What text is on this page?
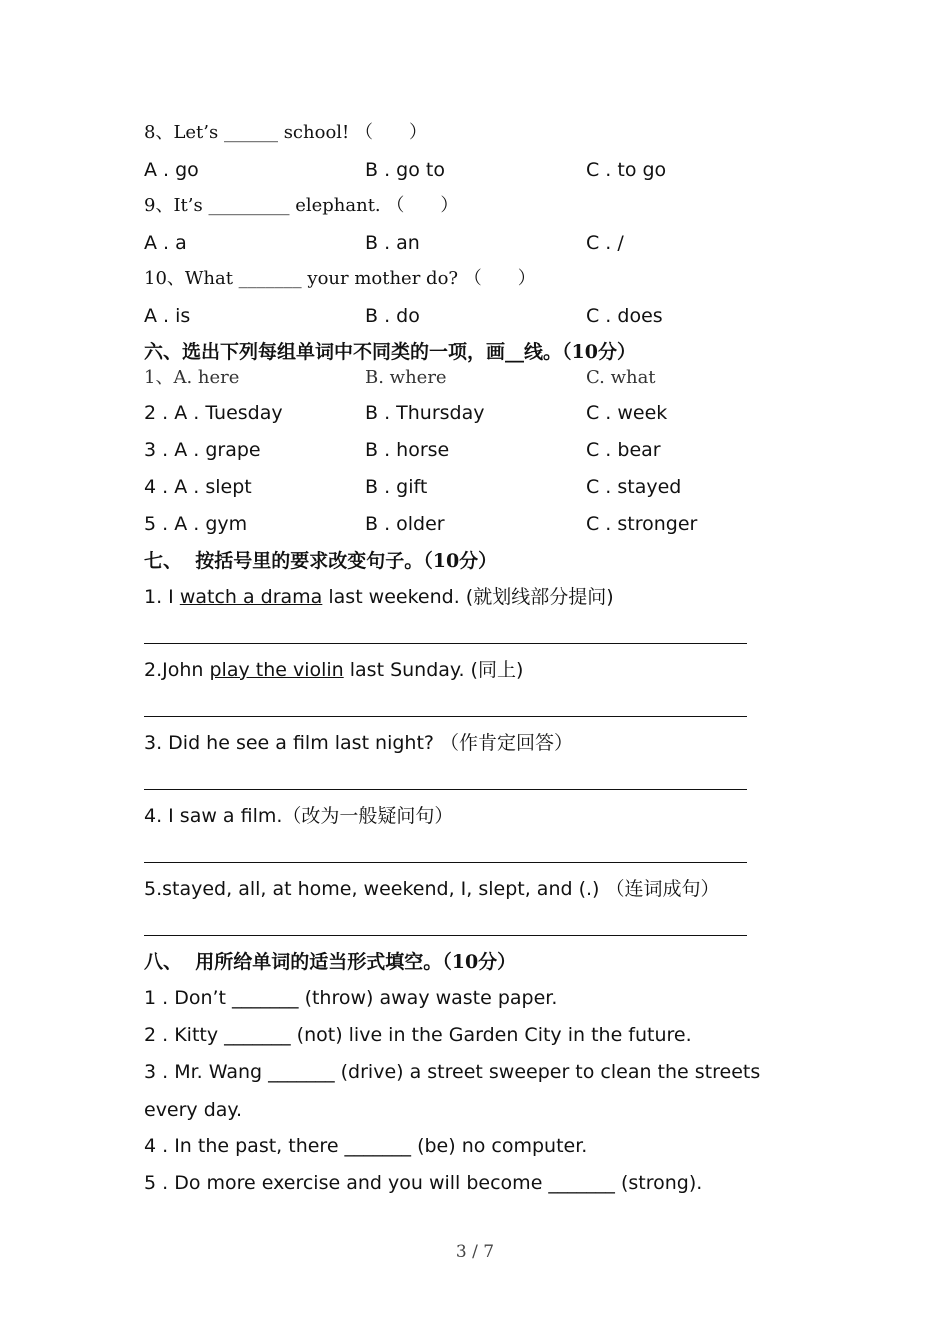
8、Let’s ______ school! （　　）
A . go	B . go to	C . to go
9、It’s _________ elephant. （　　）
A . a	B . an	C . /
10、What _______ your mother do? （　　）
A . is	B . do	C . does
六、选出下列每组单词中不同类的一项，画__线。（10分）
1、A. here	B. where	C. what
2 . A . Tuesday	B . Thursday	C . week
3 . A . grape	B . horse	C . bear
4 . A . slept	B . gift	C . stayed
5 . A . gym	B . older	C . stronger
七、  按括号里的要求改变句子。（10分）
1. I watch a drama last weekend. (就划线部分提问)
2.John play the violin last Sunday. (同上)
3. Did he see a film last night? （作肯定回答）
4. I saw a film.（改为一般疑问句）
5.stayed, all, at home, weekend, I, slept, and (.) （连词成句）
八、  用所给单词的适当形式填空。（10分）
1 . Don’t _______ (throw) away waste paper.
2 . Kitty _______ (not) live in the Garden City in the future.
3 . Mr. Wang _______ (drive) a street sweeper to clean the streets
every day.
4 . In the past, there _______ (be) no computer.
5 . Do more exercise and you will become _______ (strong).
3 / 7
